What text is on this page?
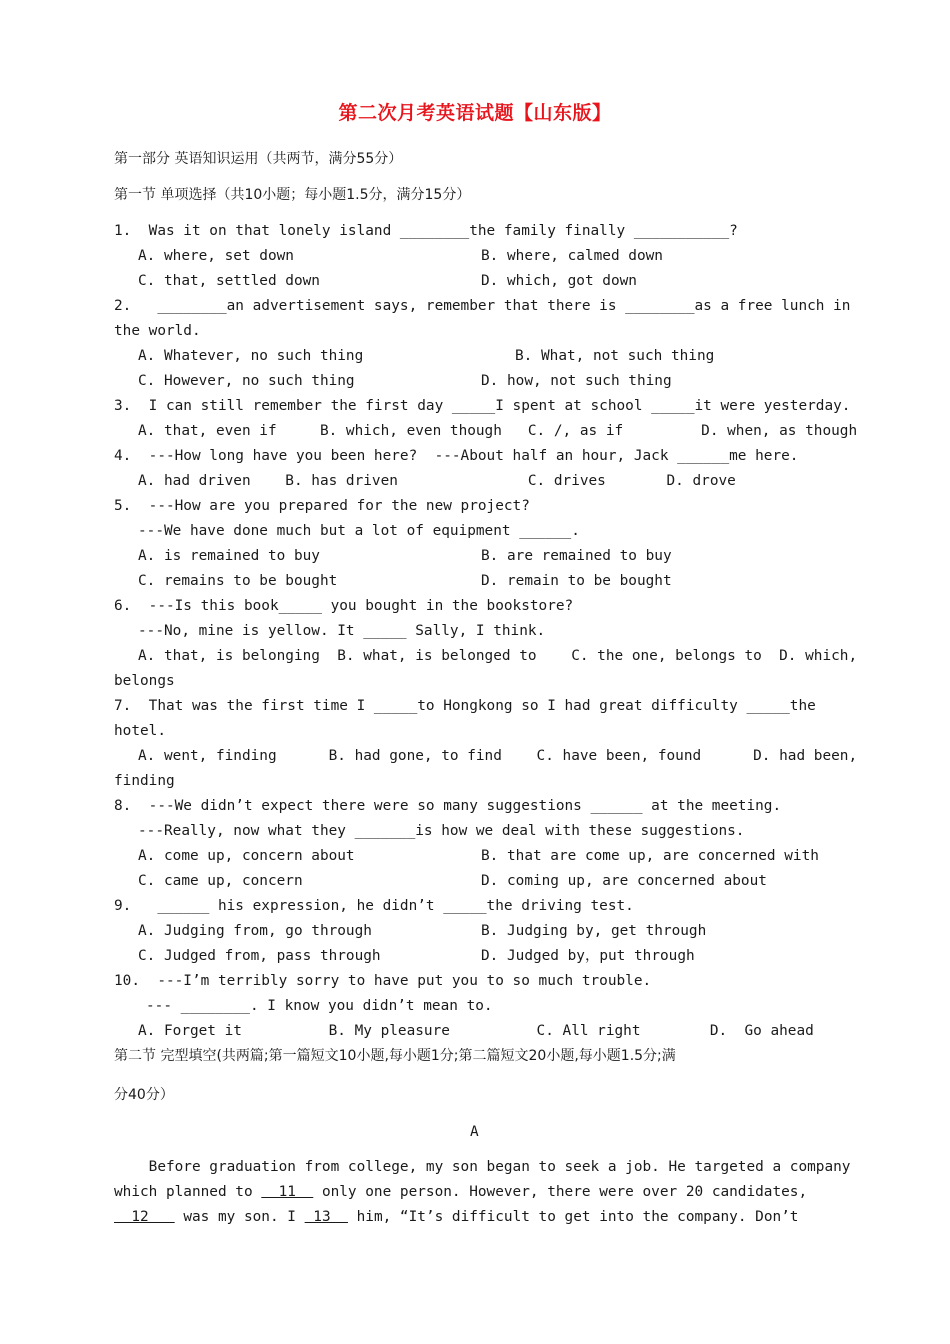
第二次月考英语试题【山东版】
第一部分 英语知识运用（共两节，满分55分）
第一节 单项选择（共10小题；每小题1.5分，满分15分）
1.  Was it on that lonely island ________the family finally ___________?
A. where, set down	B. where, calmed down
C. that, settled down	D. which, got down
2.   ________an advertisement says, remember that there is ________as a free lunch in
the world.
A. Whatever, no such thing	B. What, not such thing
C. However, no such thing	D. how, not such thing
3.  I can still remember the first day _____I spent at school _____it were yesterday.
A. that, even if     B. which, even though   C. /, as if         D. when, as though
4.  ---How long have you been here?  ---About half an hour, Jack ______me here.
A. had driven    B. has driven               C. drives       D. drove
5.  ---How are you prepared for the new project?
---We have done much but a lot of equipment ______.
A. is remained to buy	B. are remained to buy
C. remains to be bought	D. remain to be bought
6.  ---Is this book_____ you bought in the bookstore?
---No, mine is yellow. It _____ Sally, I think.
A. that, is belonging  B. what, is belonged to    C. the one, belongs to  D. which,
belongs
7.  That was the first time I _____to Hongkong so I had great difficulty _____the
hotel.
A. went, finding      B. had gone, to find    C. have been, found      D. had been,
finding
8.  ---We didn’t expect there were so many suggestions ______ at the meeting.
---Really, now what they _______is how we deal with these suggestions.
A. come up, concern about	B. that are come up, are concerned with
C. came up, concern	D. coming up, are concerned about
9.   ______ his expression, he didn’t _____the driving test.
A. Judging from, go through	B. Judging by, get through
C. Judged from, pass through	D. Judged by，put through
10.  ---I’m terribly sorry to have put you to so much trouble.
--- ________. I know you didn’t mean to.
A. Forget it          B. My pleasure          C. All right        D.  Go ahead
第二节 完型填空(共两篇;第一篇短文10小题,每小题1分;第二篇短文20小题,每小题1.5分;满
分40分）
A
Before graduation from college, my son began to seek a job. He targeted a company
which planned to   11   only one person. However, there were over 20 candidates,
12    was my son. I  13   him, “It’s difficult to get into the company. Don’t
